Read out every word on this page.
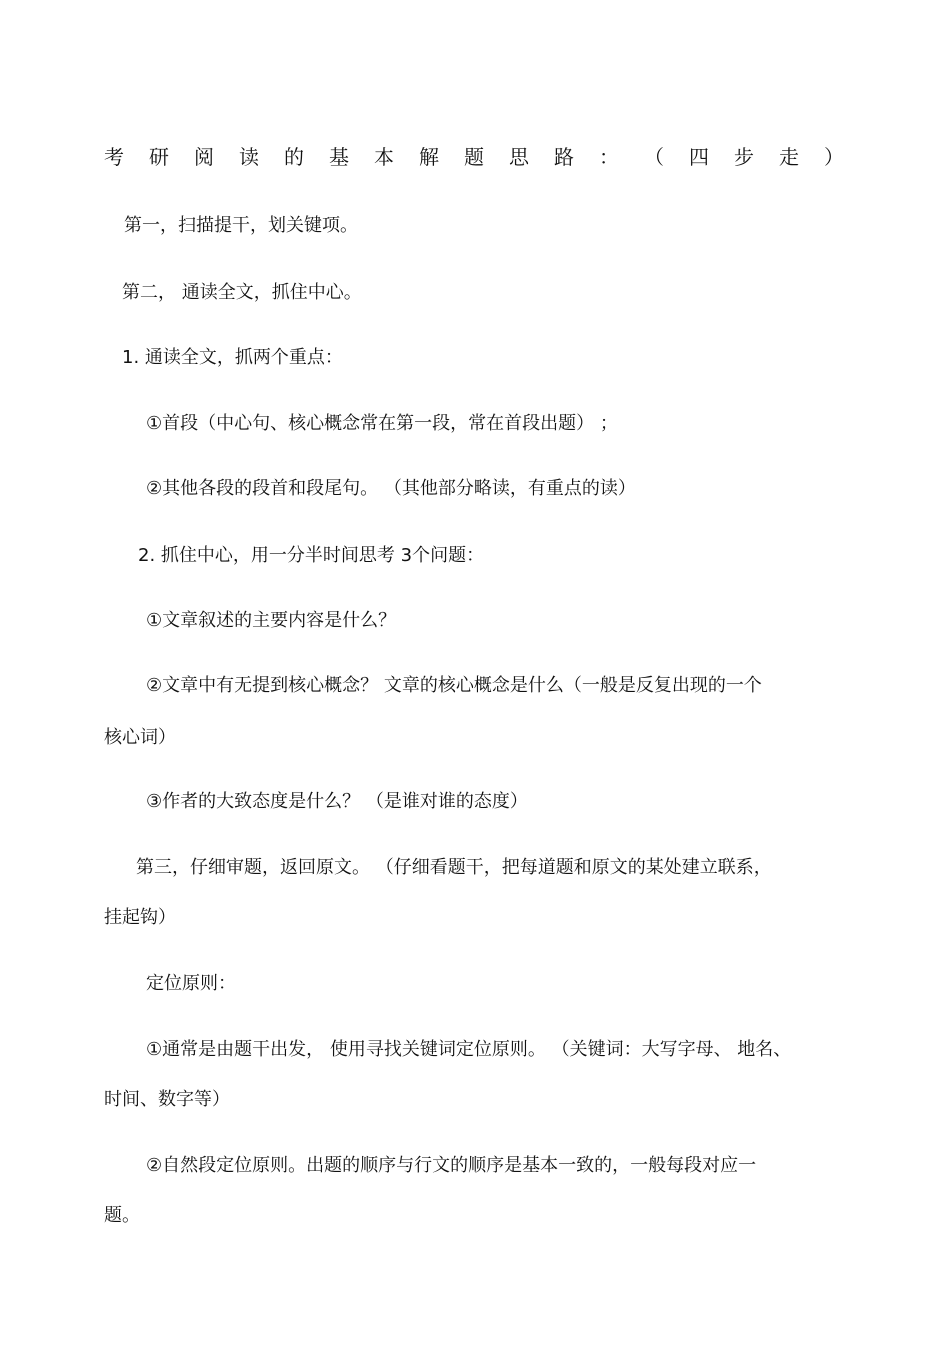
考 研 阅 读 的 基 本 解 题 思 路 ： （ 四 步 走 ）
第一，扫描提干，划关键项。
第二， 通读全文，抓住中心。
1. 通读全文，抓两个重点：
①首段（中心句、核心概念常在第一段，常在首段出题） ；
②其他各段的段首和段尾句。 （其他部分略读，有重点的读）
2. 抓住中心，用一分半时间思考 3个问题：
①文章叙述的主要内容是什么？
②文章中有无提到核心概念？ 文章的核心概念是什么（一般是反复出现的一个
核心词）
③作者的大致态度是什么？ （是谁对谁的态度）
第三，仔细审题，返回原文。 （仔细看题干，把每道题和原文的某处建立联系，
挂起钩）
定位原则：
①通常是由题干出发， 使用寻找关键词定位原则。 （关键词：大写字母、 地名、
时间、数字等）
②自然段定位原则。出题的顺序与行文的顺序是基本一致的，一般每段对应一
题。
